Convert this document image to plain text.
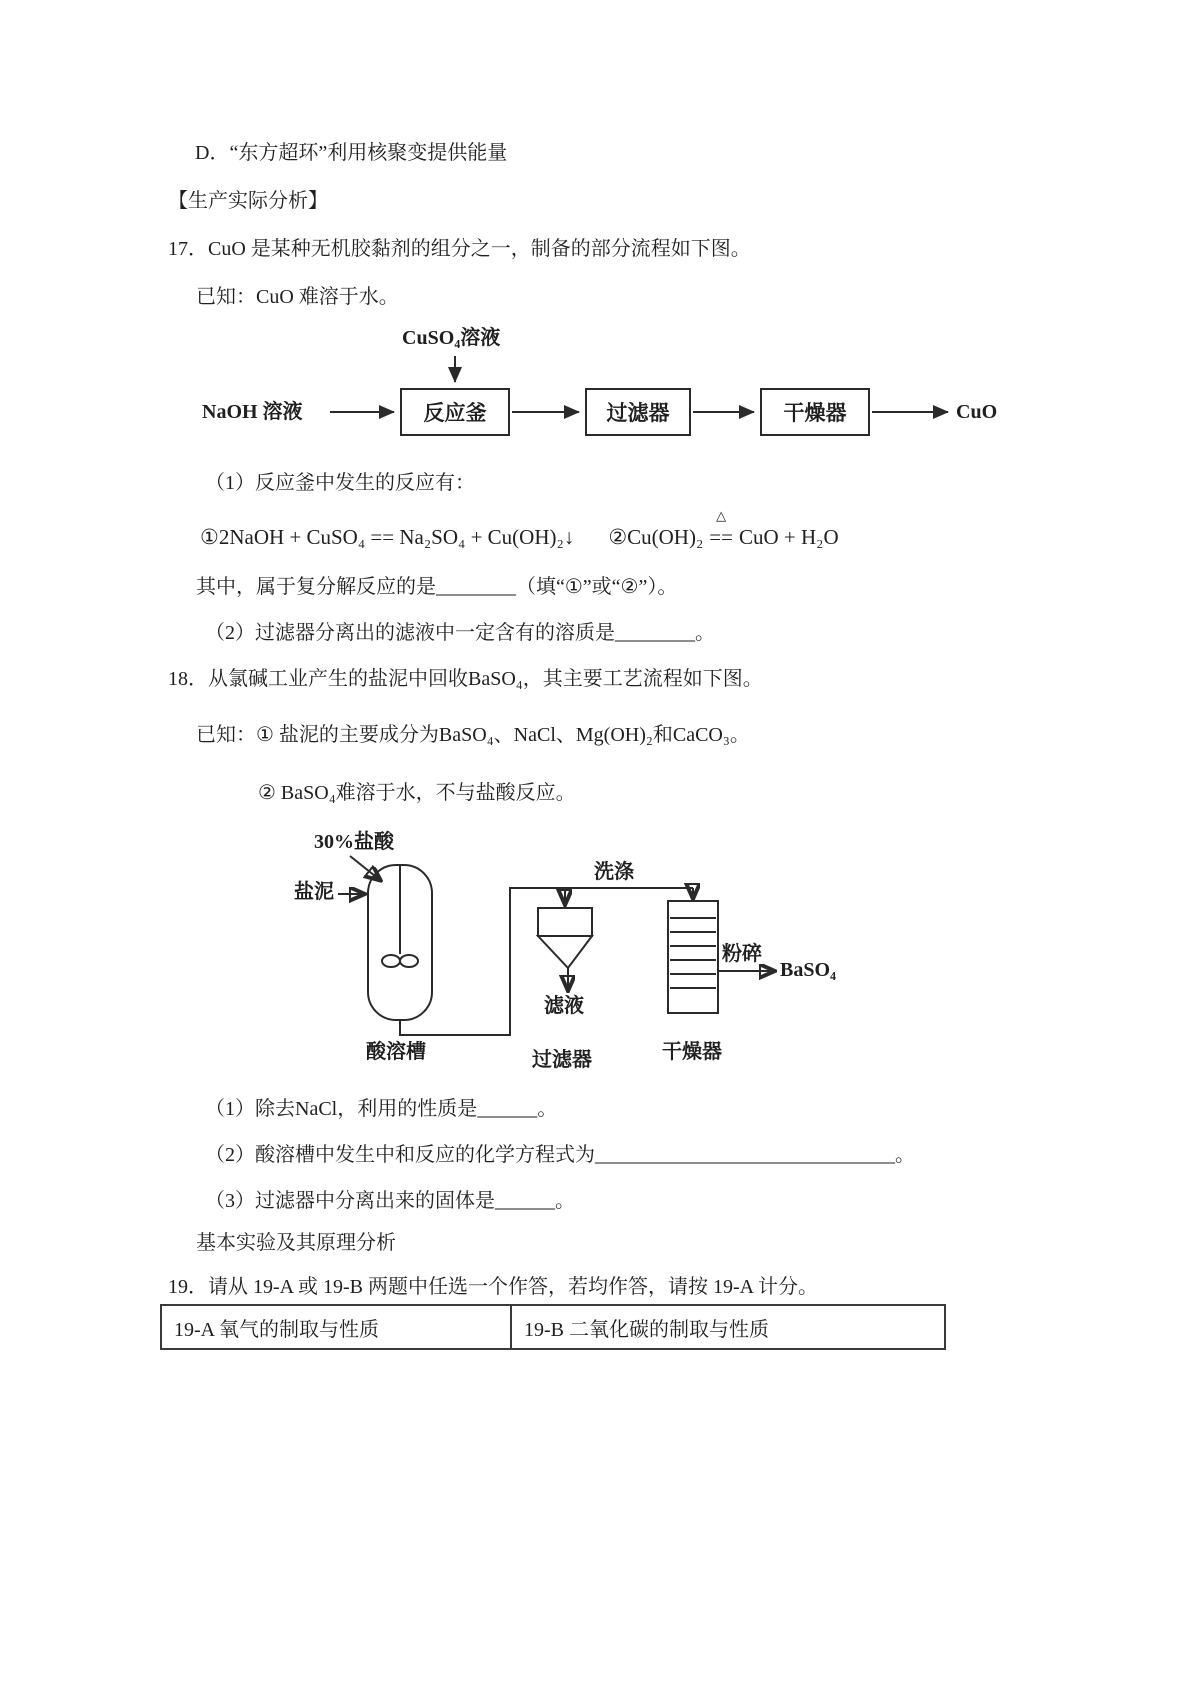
D．“东方超环”利用核聚变提供能量
【生产实际分析】
17．CuO 是某种无机胶黏剂的组分之一，制备的部分流程如下图。
已知：CuO 难溶于水。
CuSO₄溶液
NaOH 溶液	反应釜	过滤器	干燥器	CuO
（1）反应釜中发生的反应有：
①2NaOH + CuSO₄ == Na₂SO₄ + Cu(OH)₂↓ ②Cu(OH)₂
△
== CuO + H₂O
其中，属于复分解反应的是________（填“①”或“②”）。
（2）过滤器分离出的滤液中一定含有的溶质是________。
18．从氯碱工业产生的盐泥中回收BaSO₄，其主要工艺流程如下图。
已知：① 盐泥的主要成分为BaSO₄、NaCl、Mg(OH)₂和CaCO₃。
② BaSO₄难溶于水，不与盐酸反应。
30%盐酸
盐泥
洗涤
滤液
粉碎
BaSO₄
酸溶槽	过滤器	干燥器
（1）除去NaCl，利用的性质是______。
（2）酸溶槽中发生中和反应的化学方程式为______________________________。
（3）过滤器中分离出来的固体是______。
基本实验及其原理分析
19．请从 19-A 或 19-B 两题中任选一个作答，若均作答，请按 19-A 计分。
19-A 氧气的制取与性质	19-B 二氧化碳的制取与性质
